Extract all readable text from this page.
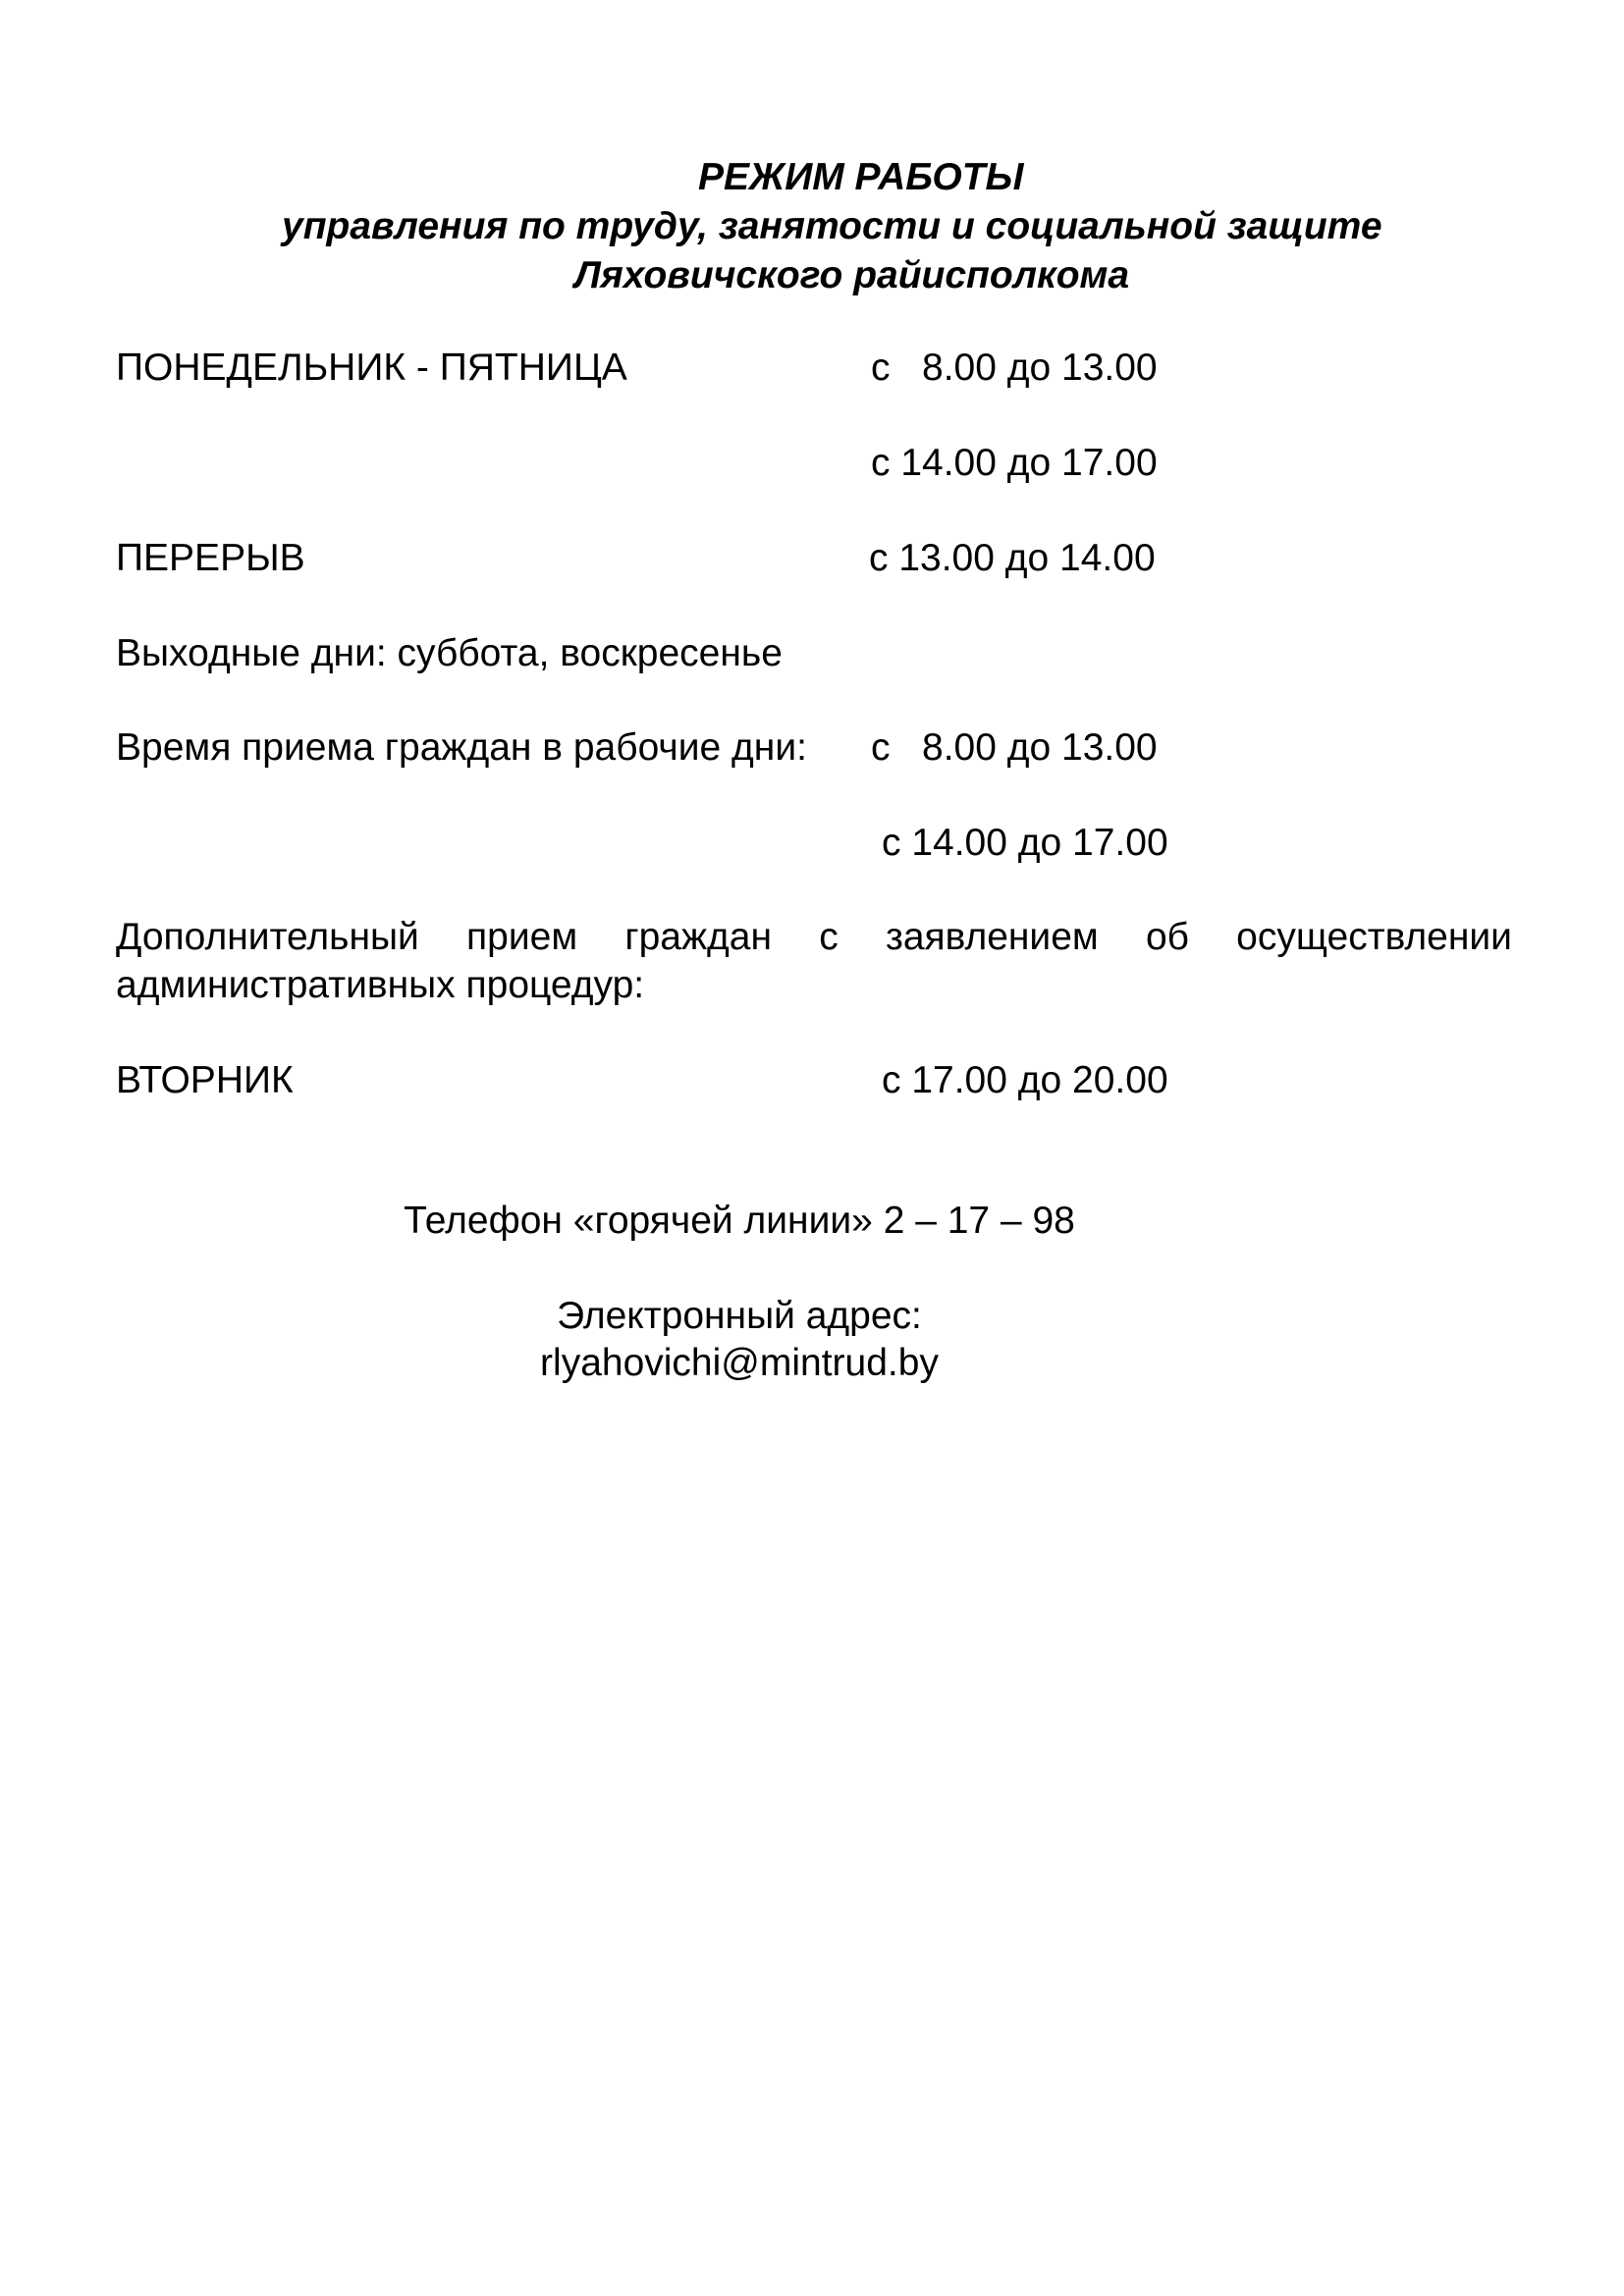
РЕЖИМ РАБОТЫ

управления по труду, занятости и социальной защите

Ляховичского райисполкома

ПОНЕДЕЛЬНИК - ПЯТНИЦА	с   8.00 до 13.00

с 14.00 до 17.00

ПЕРЕРЫВ	с 13.00 до 14.00

Выходные дни: суббота, воскресенье

Время приема граждан в рабочие дни: с   8.00 до 13.00

с 14.00 до 17.00

Дополнительный прием граждан с заявлением об осуществлении

административных процедур:

ВТОРНИК	с 17.00 до 20.00

Телефон «горячей линии» 2 – 17 – 98

Электронный адрес:

rlyahovichi@mintrud.by
